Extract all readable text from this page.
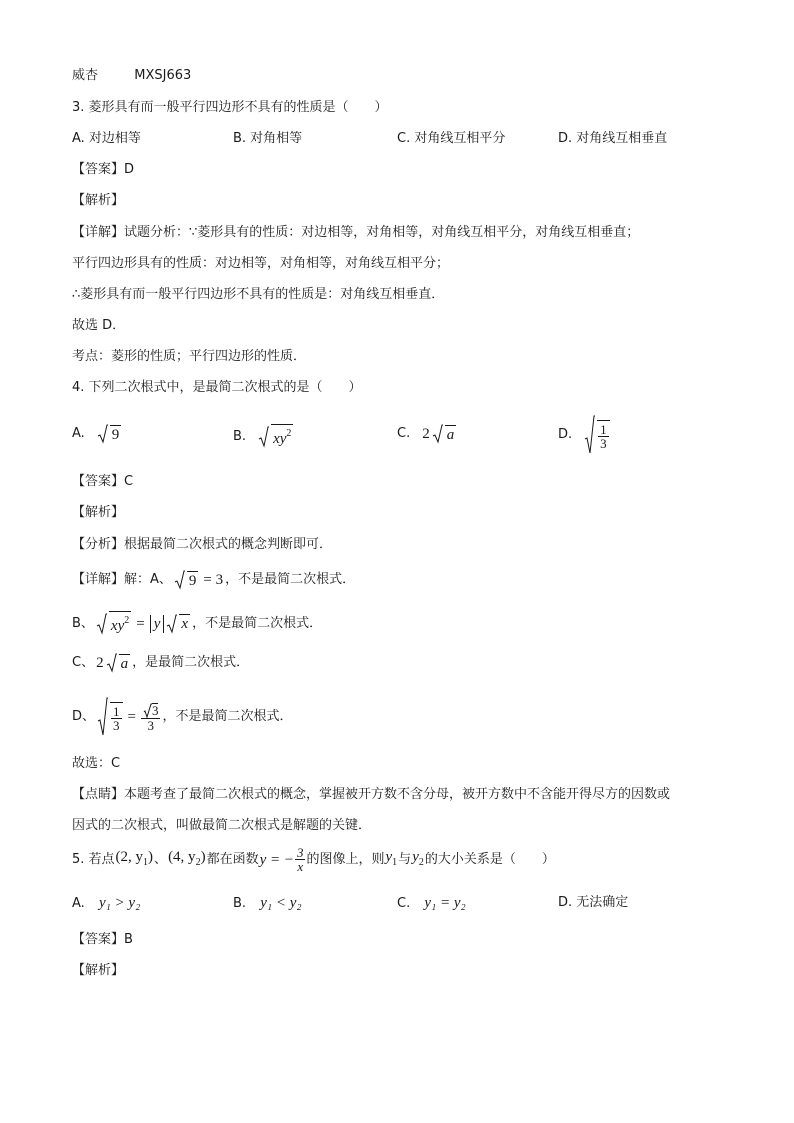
威杏	MXSJ663
3. 菱形具有而一般平行四边形不具有的性质是（　　）
A. 对边相等	B. 对角相等	C. 对角线互相平分	D. 对角线互相垂直
【答案】D
【解析】
【详解】试题分析：∵菱形具有的性质：对边相等，对角相等，对角线互相平分，对角线互相垂直；
平行四边形具有的性质：对边相等，对角相等，对角线互相平分；
∴菱形具有而一般平行四边形不具有的性质是：对角线互相垂直．
故选 D．
考点：菱形的性质；平行四边形的性质．
4. 下列二次根式中，是最简二次根式的是（　　）
A. 9	B. $xy^2$	C. 2 a	D. $\frac{1}{3}$
【答案】C
【解析】
【分析】根据最简二次根式的概念判断即可．
【详解】解：A、 9 = 3 ，不是最简二次根式．
B、 $xy^2 = y$ x ，不是最简二次根式．
C、 2 a ，是最简二次根式．
D、 $\frac{1}{3} = \frac{3}{3}$ ，不是最简二次根式．
故选：C
【点睛】本题考查了最简二次根式的概念，掌握被开方数不含分母，被开方数中不含能开得尽方的因数或
因式的二次根式，叫做最简二次根式是解题的关键．
5. 若点 (2, $y_1$) 、 (4, $y_2$) 都在函数 y = − $\frac{3}{x}$ 的图像上，则 $y_1$ 与 $y_2$ 的大小关系是（　　）
A. y₁ > y₂	B. y₁ < y₂	C. y₁ = y₂	D. 无法确定
【答案】B
【解析】
